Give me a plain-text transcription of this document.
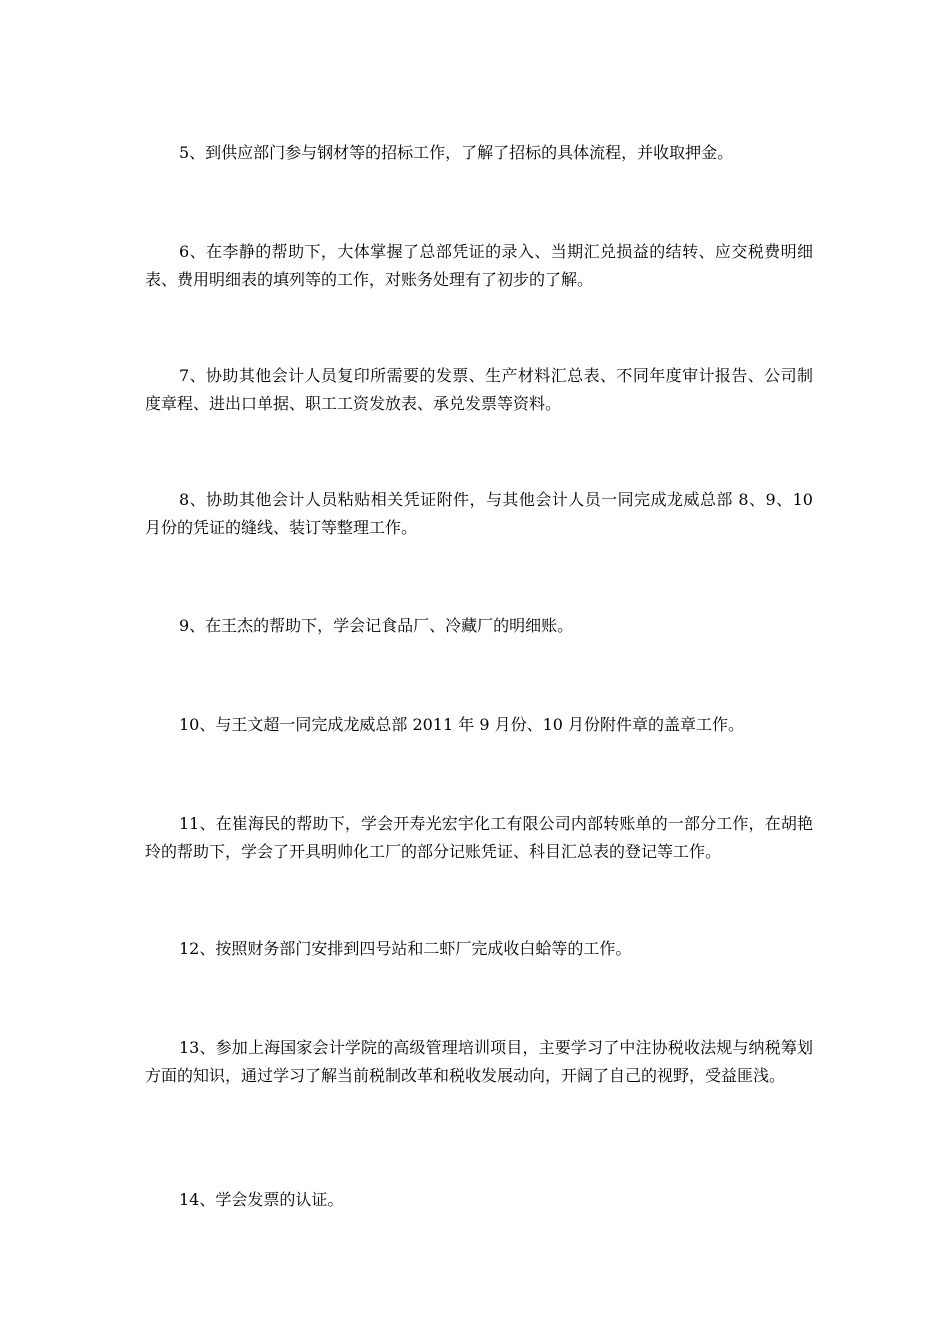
5、到供应部门参与钢材等的招标工作，了解了招标的具体流程，并收取押金。

6、在李静的帮助下，大体掌握了总部凭证的录入、当期汇兑损益的结转、应交税费明细表、费用明细表的填列等的工作，对账务处理有了初步的了解。

7、协助其他会计人员复印所需要的发票、生产材料汇总表、不同年度审计报告、公司制度章程、进出口单据、职工工资发放表、承兑发票等资料。

8、协助其他会计人员粘贴相关凭证附件，与其他会计人员一同完成龙威总部 8、9、10 月份的凭证的缝线、装订等整理工作。

9、在王杰的帮助下，学会记食品厂、冷藏厂的明细账。

10、与王文超一同完成龙威总部 2011 年 9 月份、10 月份附件章的盖章工作。

11、在崔海民的帮助下，学会开寿光宏宇化工有限公司内部转账单的一部分工作，在胡艳玲的帮助下，学会了开具明帅化工厂的部分记账凭证、科目汇总表的登记等工作。

12、按照财务部门安排到四号站和二虾厂完成收白蛤等的工作。

13、参加上海国家会计学院的高级管理培训项目，主要学习了中注协税收法规与纳税筹划方面的知识，通过学习了解当前税制改革和税收发展动向，开阔了自己的视野，受益匪浅。

14、学会发票的认证。
